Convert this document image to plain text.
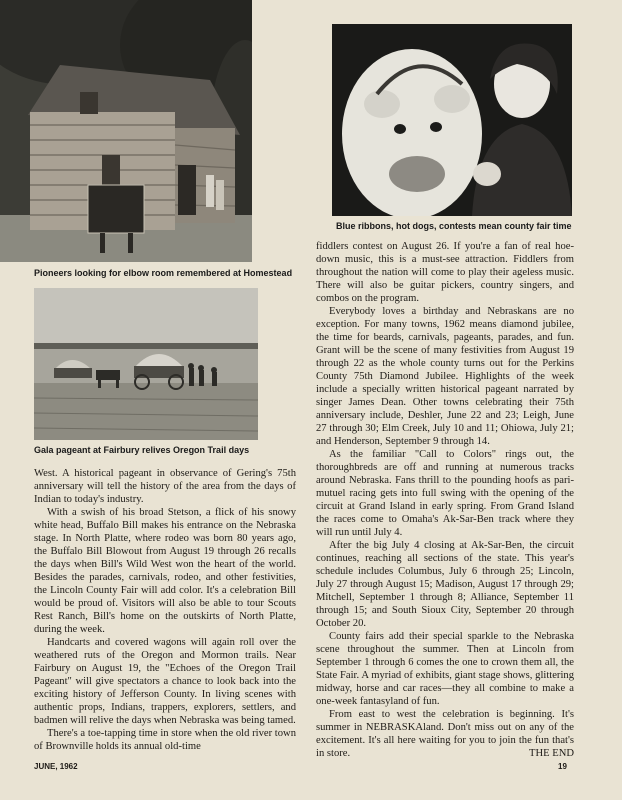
Pioneers looking for elbow room remembered at Homestead
Blue ribbons, hot dogs, contests mean county fair time
Gala pageant at Fairbury relives Oregon Trail days

West. A historical pageant in observance of Gering's 75th anniversary will tell the history of the area from the days of Indian to today's industry.

With a swish of his broad Stetson, a flick of his snowy white head, Buffalo Bill makes his entrance on the Nebraska stage. In North Platte, where rodeo was born 80 years ago, the Buffalo Bill Blowout from August 19 through 26 recalls the days when Bill's Wild West won the heart of the world. Besides the parades, carnivals, rodeo, and other festivities, the Lincoln County Fair will add color. It's a celebration Bill would be proud of. Visitors will also be able to tour Scouts Rest Ranch, Bill's home on the outskirts of North Platte, during the week.

Handcarts and covered wagons will again roll over the weathered ruts of the Oregon and Mormon trails. Near Fairbury on August 19, the "Echoes of the Oregon Trail Pageant" will give spectators a chance to look back into the exciting history of Jefferson County. In living scenes with authentic props, Indians, trappers, explorers, settlers, and badmen will relive the days when Nebraska was being tamed.

There's a toe-tapping time in store when the old river town of Brownville holds its annual old-time

fiddlers contest on August 26. If you're a fan of real hoe-down music, this is a must-see attraction. Fiddlers from throughout the nation will come to play their ageless music. There will also be guitar pickers, country singers, and combos on the program.

Everybody loves a birthday and Nebraskans are no exception. For many towns, 1962 means diamond jubilee, the time for beards, carnivals, pageants, parades, and fun. Grant will be the scene of many festivities from August 19 through 22 as the whole county turns out for the Perkins County 75th Diamond Jubilee. Highlights of the week include a specially written historical pageant narrated by singer James Dean. Other towns celebrating their 75th anniversary include, Deshler, June 22 and 23; Leigh, June 27 through 30; Elm Creek, July 10 and 11; Ohiowa, July 21; and Henderson, September 9 through 14.

As the familiar "Call to Colors" rings out, the thoroughbreds are off and running at numerous tracks around Nebraska. Fans thrill to the pounding hoofs as pari-mutuel racing gets into full swing with the opening of the circuit at Grand Island in early spring. From Grand Island the races come to Omaha's Ak-Sar-Ben track where they will run until July 4.

After the big July 4 closing at Ak-Sar-Ben, the circuit continues, reaching all sections of the state. This year's schedule includes Columbus, July 6 through 25; Lincoln, July 27 through August 15; Madison, August 17 through 29; Mitchell, September 1 through 8; Alliance, September 11 through 15; and South Sioux City, September 20 through October 20.

County fairs add their special sparkle to the Nebraska scene throughout the summer. Then at Lincoln from September 1 through 6 comes the one to crown them all, the State Fair. A myriad of exhibits, giant stage shows, glittering midway, horse and car races—they all combine to make a one-week fantasyland of fun.

From east to west the celebration is beginning. It's summer in NEBRASKAland. Don't miss out on any of the excitement. It's all here waiting for you to join the fun that's in store.	THE END

JUNE, 1962	19
